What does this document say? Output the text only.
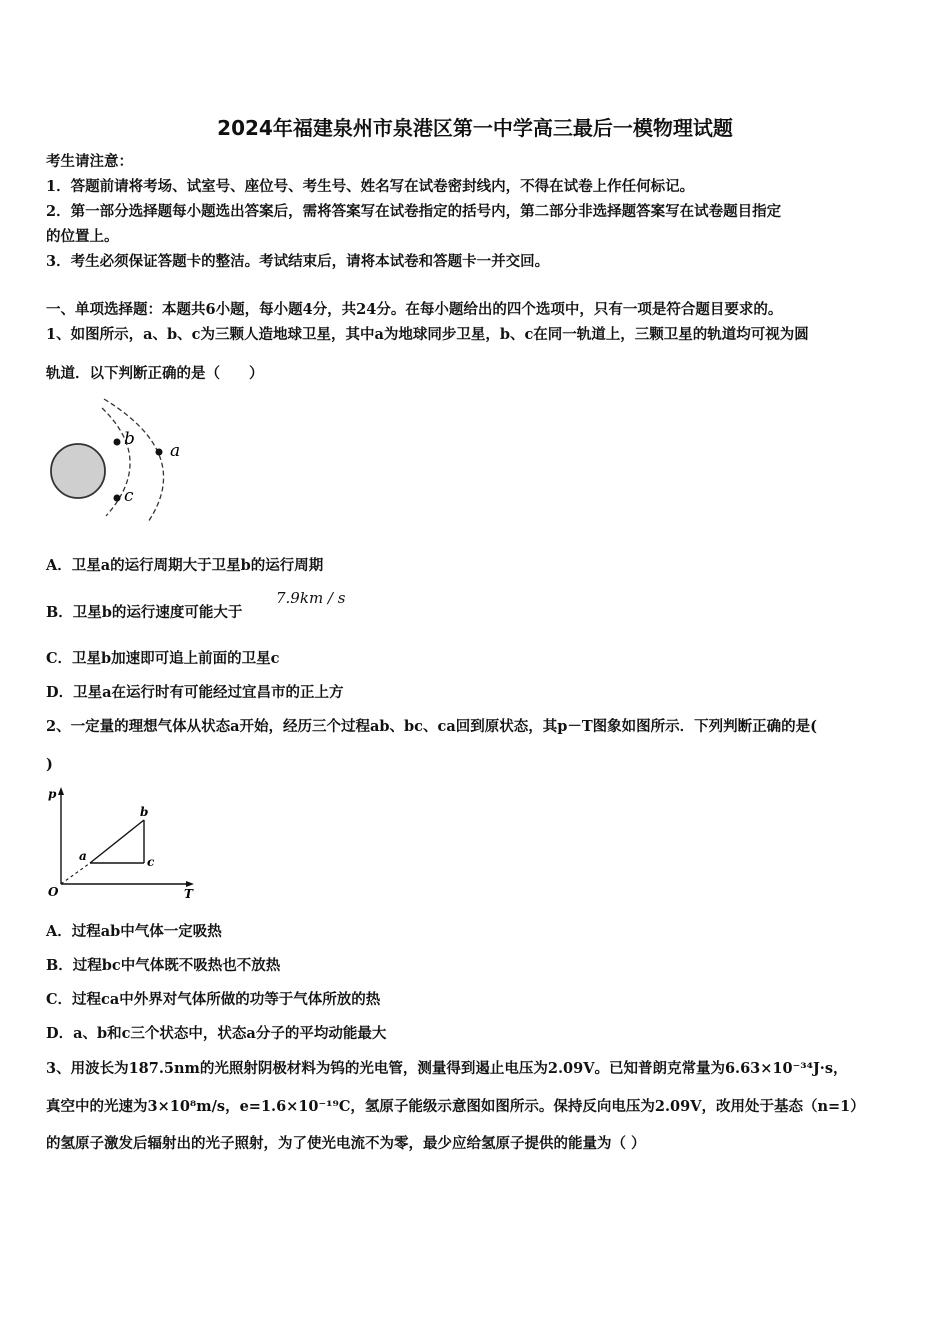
2024年福建泉州市泉港区第一中学高三最后一模物理试题
考生请注意：
1．答题前请将考场、试室号、座位号、考生号、姓名写在试卷密封线内，不得在试卷上作任何标记。
2．第一部分选择题每小题选出答案后，需将答案写在试卷指定的括号内，第二部分非选择题答案写在试卷题目指定
的位置上。
3．考生必须保证答题卡的整洁。考试结束后，请将本试卷和答题卡一并交回。
一、单项选择题：本题共6小题，每小题4分，共24分。在每小题给出的四个选项中，只有一项是符合题目要求的。
1、如图所示，a、b、c为三颗人造地球卫星，其中a为地球同步卫星，b、c在同一轨道上，三颗卫星的轨道均可视为圆
轨道．以下判断正确的是（　　）
b
c
a
A．卫星a的运行周期大于卫星b的运行周期
B．卫星b的运行速度可能大于
7.9km / s
C．卫星b加速即可追上前面的卫星c
D．卫星a在运行时有可能经过宜昌市的正上方
2、一定量的理想气体从状态a开始，经历三个过程ab、bc、ca回到原状态，其p－T图象如图所示．下列判断正确的是(
)
p
T
O
a
b
c
A．过程ab中气体一定吸热
B．过程bc中气体既不吸热也不放热
C．过程ca中外界对气体所做的功等于气体所放的热
D．a、b和c三个状态中，状态a分子的平均动能最大
3、用波长为187.5nm的光照射阴极材料为钨的光电管，测量得到遏止电压为2.09V。已知普朗克常量为6.63×10⁻³⁴J·s，
真空中的光速为3×10⁸m/s，e=1.6×10⁻¹⁹C，氢原子能级示意图如图所示。保持反向电压为2.09V，改用处于基态（n=1）
的氢原子激发后辐射出的光子照射，为了使光电流不为零，最少应给氢原子提供的能量为（ ）
